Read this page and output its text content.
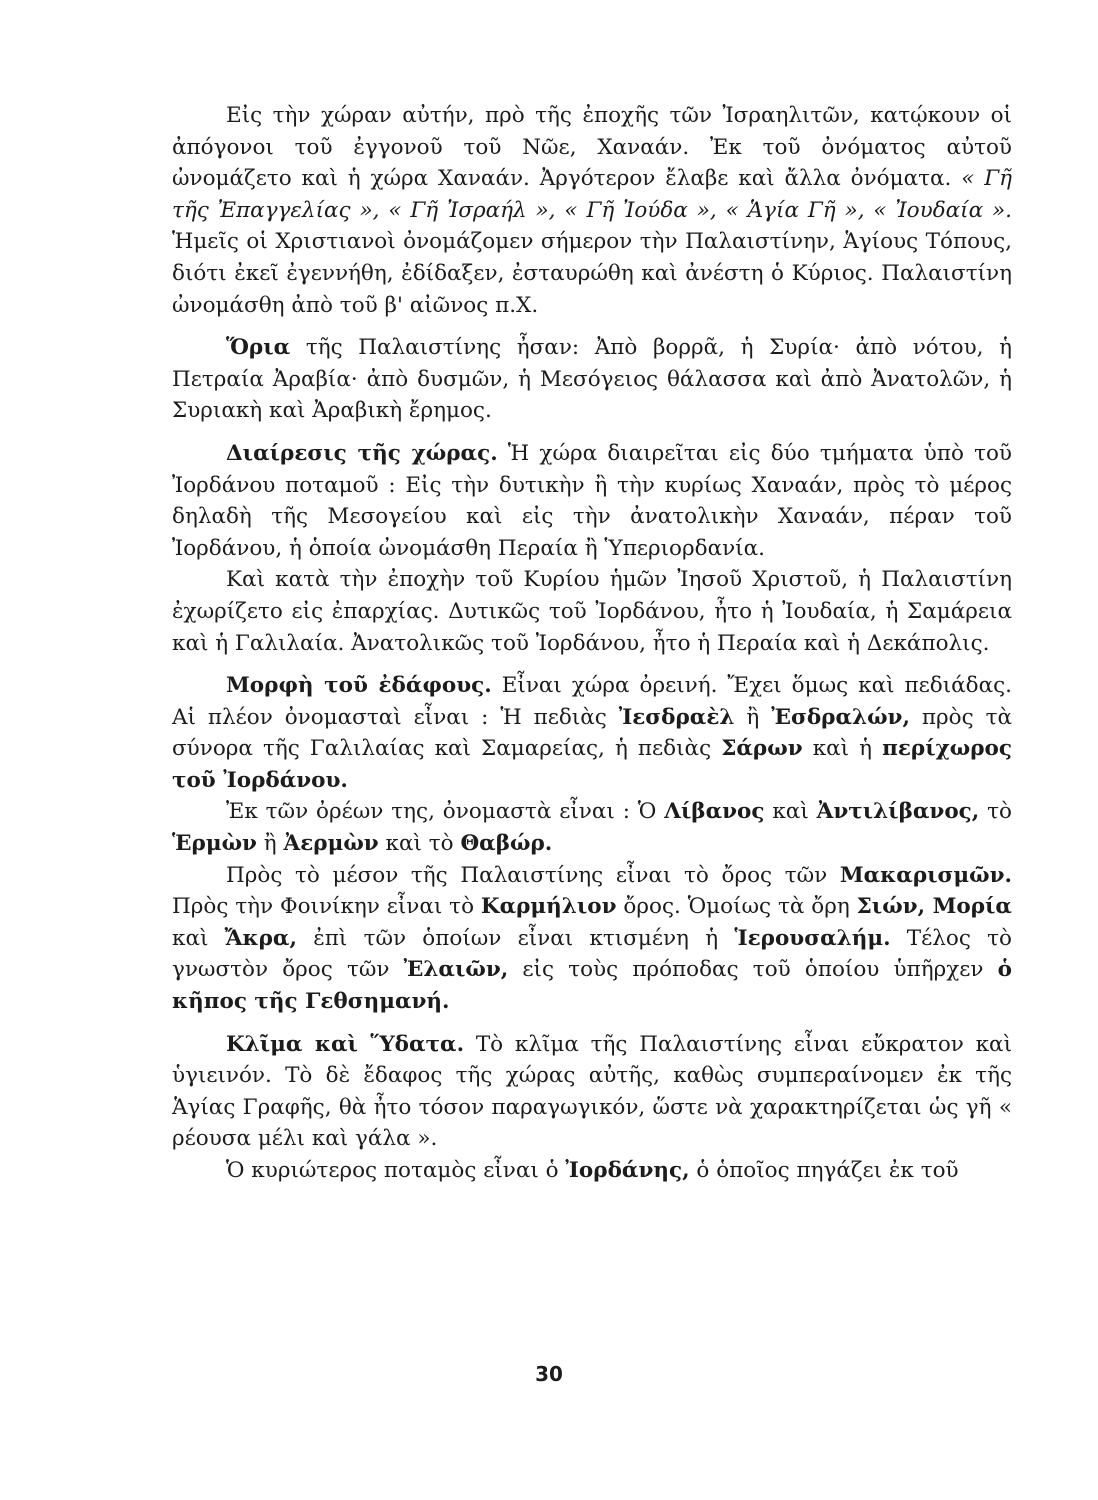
Εἰς τὴν χώραν αὐτήν, πρὸ τῆς ἐποχῆς τῶν Ἰσραηλιτῶν, κατῴκουν οἱ ἀπόγονοι τοῦ ἐγγονοῦ τοῦ Νῶε, Χαναάν. Ἐκ τοῦ ὀνόματος αὐτοῦ ὠνομάζετο καὶ ἡ χώρα Χαναάν. Ἀργότερον ἔλαβε καὶ ἄλλα ὀνόματα. « Γῆ τῆς Ἐπαγγελίας », « Γῆ Ἰσραήλ », « Γῆ Ἰούδα », « Ἁγία Γῆ », « Ἰουδαία ». Ἡμεῖς οἱ Χριστιανοὶ ὀνομάζομεν σήμερον τὴν Παλαιστίνην, Ἁγίους Τόπους, διότι ἐκεῖ ἐγεννήθη, ἐδίδαξεν, ἐσταυρώθη καὶ ἀνέστη ὁ Κύριος. Παλαιστίνη ὠνομάσθη ἀπὸ τοῦ β' αἰῶνος π.Χ.

Ὅρια τῆς Παλαιστίνης ἦσαν: Ἀπὸ βορρᾶ, ἡ Συρία· ἀπὸ νότου, ἡ Πετραία Ἀραβία· ἀπὸ δυσμῶν, ἡ Μεσόγειος θάλασσα καὶ ἀπὸ Ἀνατολῶν, ἡ Συριακὴ καὶ Ἀραβικὴ ἔρημος.

Διαίρεσις τῆς χώρας. Ἡ χώρα διαιρεῖται εἰς δύο τμήματα ὑπὸ τοῦ Ἰορδάνου ποταμοῦ : Εἰς τὴν δυτικὴν ἢ τὴν κυρίως Χαναάν, πρὸς τὸ μέρος δηλαδὴ τῆς Μεσογείου καὶ εἰς τὴν ἀνατολικὴν Χαναάν, πέραν τοῦ Ἰορδάνου, ἡ ὁποία ὠνομάσθη Περαία ἢ Ὑπεριορδανία.

Καὶ κατὰ τὴν ἐποχὴν τοῦ Κυρίου ἡμῶν Ἰησοῦ Χριστοῦ, ἡ Παλαιστίνη ἐχωρίζετο εἰς ἐπαρχίας. Δυτικῶς τοῦ Ἰορδάνου, ἦτο ἡ Ἰουδαία, ἡ Σαμάρεια καὶ ἡ Γαλιλαία. Ἀνατολικῶς τοῦ Ἰορδάνου, ἦτο ἡ Περαία καὶ ἡ Δεκάπολις.

Μορφὴ τοῦ ἐδάφους. Εἶναι χώρα ὀρεινή. Ἔχει ὅμως καὶ πεδιάδας. Αἱ πλέον ὀνομασταὶ εἶναι : Ἡ πεδιὰς Ἰεσδραὲλ ἢ Ἐσδραλών, πρὸς τὰ σύνορα τῆς Γαλιλαίας καὶ Σαμαρείας, ἡ πεδιὰς Σάρων καὶ ἡ περίχωρος τοῦ Ἰορδάνου.

Ἐκ τῶν ὀρέων της, ὀνομαστὰ εἶναι : Ὁ Λίβανος καὶ Ἀντιλίβανος, τὸ Ἑρμὼν ἢ Ἀερμὼν καὶ τὸ Θαβώρ.

Πρὸς τὸ μέσον τῆς Παλαιστίνης εἶναι τὸ ὄρος τῶν Μακαρισμῶν. Πρὸς τὴν Φοινίκην εἶναι τὸ Καρμήλιον ὄρος. Ὁμοίως τὰ ὄρη Σιών, Μορία καὶ Ἄκρα, ἐπὶ τῶν ὁποίων εἶναι κτισμένη ἡ Ἱερουσαλήμ. Τέλος τὸ γνωστὸν ὄρος τῶν Ἐλαιῶν, εἰς τοὺς πρόποδας τοῦ ὁποίου ὑπῆρχεν ὁ κῆπος τῆς Γεθσημανή.

Κλῖμα καὶ Ὕδατα. Τὸ κλῖμα τῆς Παλαιστίνης εἶναι εὔκρατον καὶ ὑγιεινόν. Τὸ δὲ ἔδαφος τῆς χώρας αὐτῆς, καθὼς συμπεραίνομεν ἐκ τῆς Ἁγίας Γραφῆς, θὰ ἦτο τόσον παραγωγικόν, ὥστε νὰ χαρακτηρίζεται ὡς γῆ « ρέουσα μέλι καὶ γάλα ».

Ὁ κυριώτερος ποταμὸς εἶναι ὁ Ἰορδάνης, ὁ ὁποῖος πηγάζει ἐκ τοῦ

30
